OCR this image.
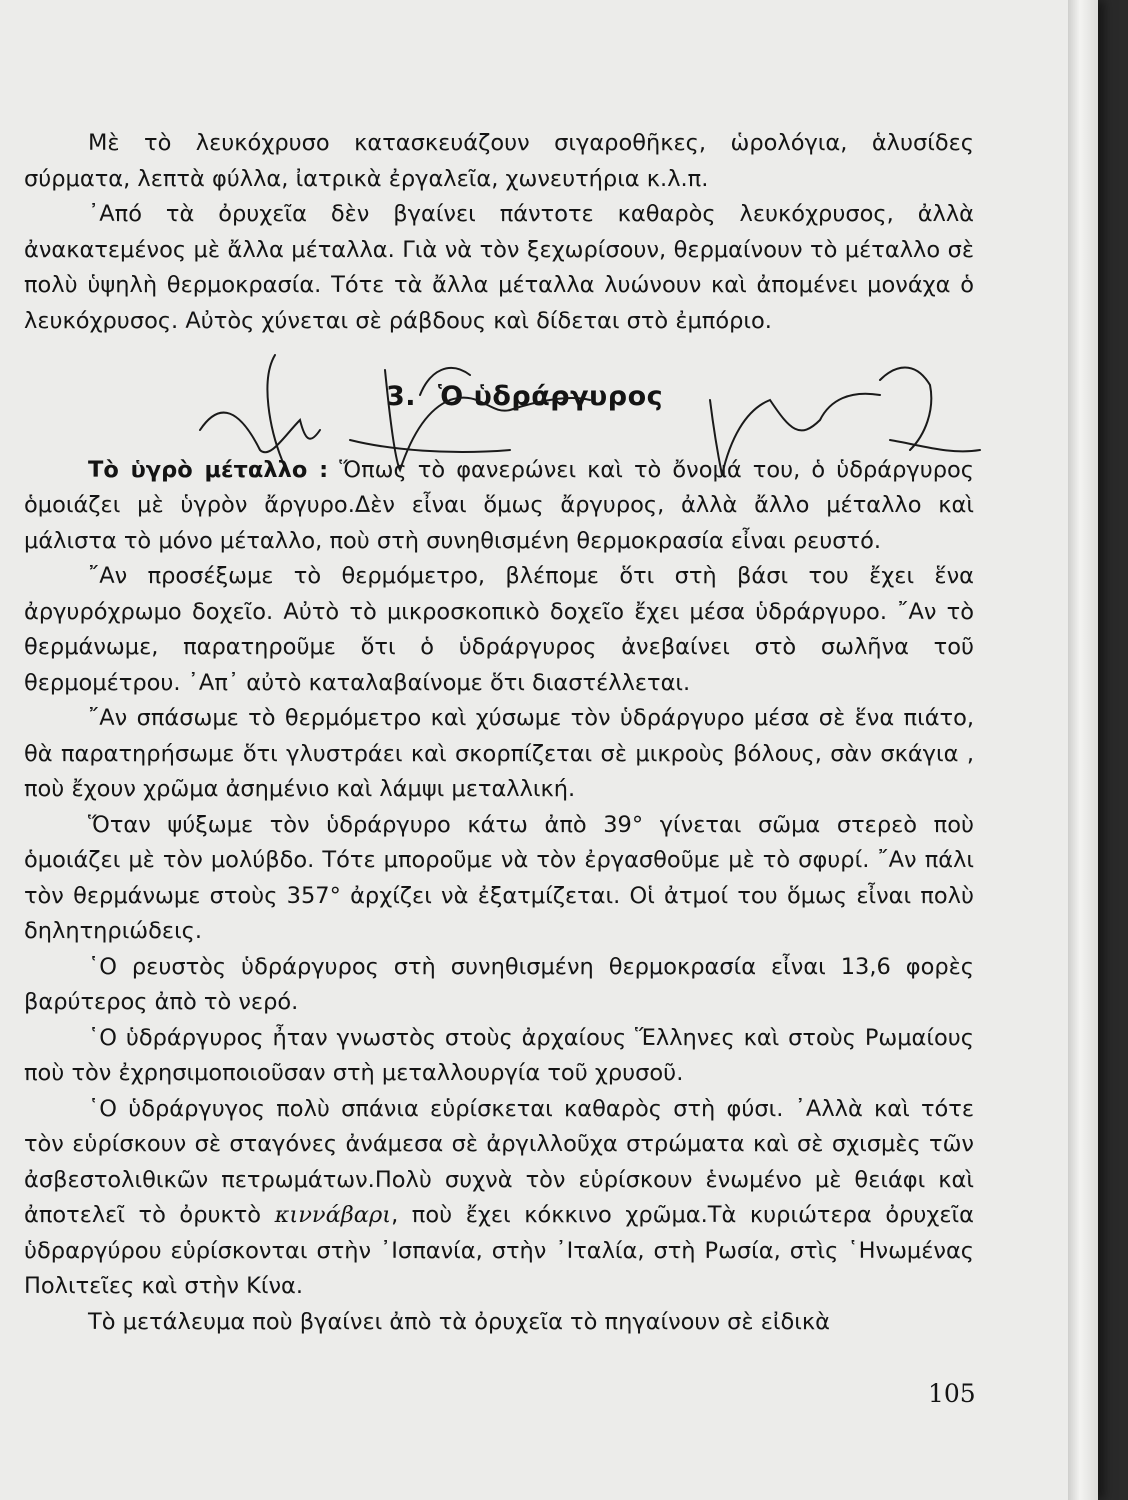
Μὲ τὸ λευκόχρυσο κατασκευάζουν σιγαροθῆκες, ὡρολόγια, ἁλυσίδες σύρματα, λεπτὰ φύλλα, ἰατρικὰ ἐργαλεῖα, χωνευτήρια κ.λ.π.

᾿Από τὰ ὀρυχεῖα δὲν βγαίνει πάντοτε καθαρὸς λευκόχρυσος, ἀλλὰ ἀνακατεμένος μὲ ἄλλα μέταλλα. Γιὰ νὰ τὸν ξεχωρίσουν, θερμαίνουν τὸ μέταλλο σὲ πολὺ ὑψηλὴ θερμοκρασία. Τότε τὰ ἄλλα μέταλλα λυώνουν καὶ ἀπομένει μονάχα ὁ λευκόχρυσος. Αὐτὸς χύνεται σὲ ράβδους καὶ δίδεται στὸ ἐμπόριο.

3. Ὁ ὑδράργυρος

Τὸ ὑγρὸ μέταλλο : Ὅπως τὸ φανερώνει καὶ τὸ ὄνομά του, ὁ ὑδράργυρος ὁμοιάζει μὲ ὑγρὸν ἄργυρο.Δὲν εἶναι ὅμως ἄργυρος, ἀλλὰ ἄλλο μέταλλο καὶ μάλιστα τὸ μόνο μέταλλο, ποὺ στὴ συνηθισμένη θερμοκρασία εἶναι ρευστό.

῎Αν προσέξωμε τὸ θερμόμετρο, βλέπομε ὅτι στὴ βάσι του ἔχει ἕνα ἀργυρόχρωμο δοχεῖο. Αὐτὸ τὸ μικροσκοπικὸ δοχεῖο ἔχει μέσα ὑδράργυρο. ῎Αν τὸ θερμάνωμε, παρατηροῦμε ὅτι ὁ ὑδράργυρος ἀνεβαίνει στὸ σωλῆνα τοῦ θερμομέτρου. ᾿Απ᾿ αὐτὸ καταλαβαίνομε ὅτι διαστέλλεται.

῎Αν σπάσωμε τὸ θερμόμετρο καὶ χύσωμε τὸν ὑδράργυρο μέσα σὲ ἕνα πιάτο, θὰ παρατηρήσωμε ὅτι γλυστράει καὶ σκορπίζεται σὲ μικροὺς βόλους, σὰν σκάγια , ποὺ ἔχουν χρῶμα ἀσημένιο καὶ λάμψι μεταλλική.

Ὅταν ψύξωμε τὸν ὑδράργυρο κάτω ἀπὸ 39° γίνεται σῶμα στερεὸ ποὺ ὁμοιάζει μὲ τὸν μολύβδο. Τότε μποροῦμε νὰ τὸν ἐργασθοῦμε μὲ τὸ σφυρί. ῎Αν πάλι τὸν θερμάνωμε στοὺς 357° ἀρχίζει νὰ ἐξατμίζεται. Οἱ ἀτμοί του ὅμως εἶναι πολὺ δηλητηριώδεις.

῾Ο ρευστὸς ὑδράργυρος στὴ συνηθισμένη θερμοκρασία εἶναι 13,6 φορὲς βαρύτερος ἀπὸ τὸ νερό.

῾Ο ὑδράργυρος ἦταν γνωστὸς στοὺς ἀρχαίους Ἕλληνες καὶ στοὺς Ρωμαίους ποὺ τὸν ἐχρησιμοποιοῦσαν στὴ μεταλλουργία τοῦ χρυσοῦ.

῾Ο ὑδράργυγος πολὺ σπάνια εὑρίσκεται καθαρὸς στὴ φύσι. ᾿Αλλὰ καὶ τότε τὸν εὑρίσκουν σὲ σταγόνες ἀνάμεσα σὲ ἀργιλλοῦχα στρώματα καὶ σὲ σχισμὲς τῶν ἀσβεστολιθικῶν πετρωμάτων.Πολὺ συχνὰ τὸν εὑρίσκουν ἑνωμένο μὲ θειάφι καὶ ἀποτελεῖ τὸ ὀρυκτὸ κιννάβαρι, ποὺ ἔχει κόκκινο χρῶμα.Τὰ κυριώτερα ὀρυχεῖα ὑδραργύρου εὑρίσκονται στὴν ᾿Ισπανία, στὴν ᾿Ιταλία, στὴ Ρωσία, στὶς ῾Ηνωμένας Πολιτεῖες καὶ στὴν Κίνα.

Τὸ μετάλευμα ποὺ βγαίνει ἀπὸ τὰ ὀρυχεῖα τὸ πηγαίνουν σὲ εἰδικὰ

105
